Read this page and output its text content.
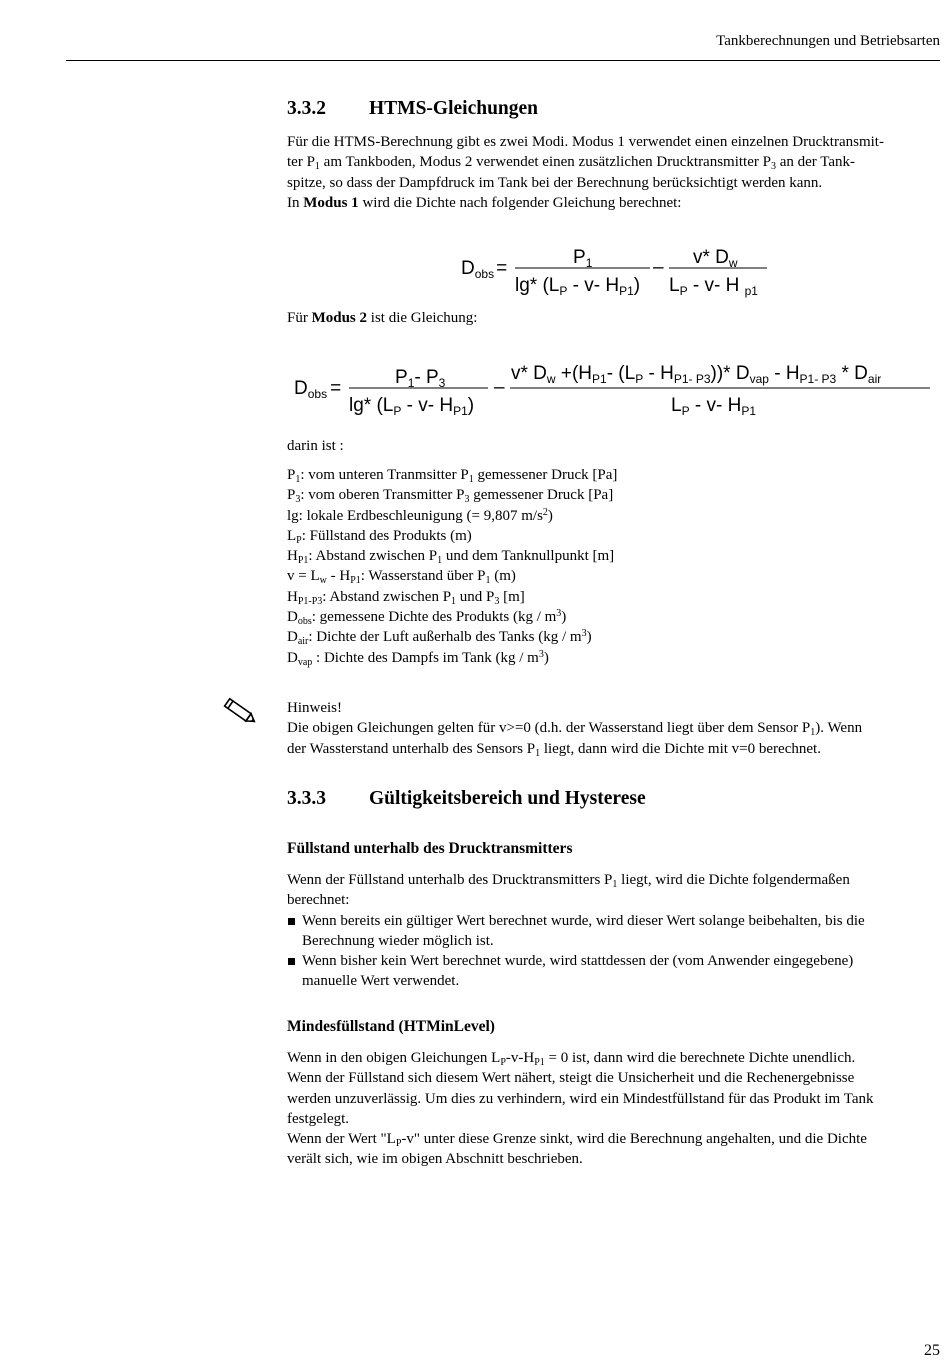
Tankberechnungen und Betriebsarten
3.3.2 HTMS-Gleichungen
Für die HTMS-Berechnung gibt es zwei Modi. Modus 1 verwendet einen einzelnen Drucktransmit-
ter $P_1$ am Tankboden, Modus 2 verwendet einen zusätzlichen Drucktransmitter $P_3$ an der Tank-
spitze, so dass der Dampfdruck im Tank bei der Berechnung berücksichtigt werden kann.
In Modus 1 wird die Dichte nach folgender Gleichung berechnet:
$D_{obs}$ =
$P_1$
lg* ($L_P - v-$ $H_{P1}$)
– v* $D_w$
$L_P - v-$ H $_{p1}$
Für Modus 2 ist die Gleichung:
$D_{obs}$ =
$P_1-$ $P_3$
lg* ($L_P - v-$ $H_{P1}$)
–
v* $D_w +(H_{P1}-$ $(L_P - H_{P1- P3}))*$ $D_{vap} - H_{P1- P3} * D_{air}$
$L_P - v-$ $H_{P1}$
darin ist :
$P_1$: vom unteren Tranmsitter $P_1$ gemessener Druck [Pa]
$P_3$: vom oberen Transmitter $P_3$ gemessener Druck [Pa]
lg: lokale Erdbeschleunigung (= 9,807 $m/s^2$)
$L_P$: Füllstand des Produkts (m)
$H_{P1}$: Abstand zwischen $P_1$ und dem Tanknullpunkt [m]
$v = L_w - H_{P1}$: Wasserstand über $P_1$ (m)
$H_{P1-P3}$: Abstand zwischen $P_1$ und $P_3$ [m]
$D_{obs}$: gemessene Dichte des Produkts $(kg / m^3)$
$D_{air}$: Dichte der Luft außerhalb des Tanks $(kg / m^3)$
$D_{vap}$ : Dichte des Dampfs im Tank $(kg / m^3)$
Hinweis!
Die obigen Gleichungen gelten für v>=0 (d.h. der Wasserstand liegt über dem Sensor $P_1$). Wenn
der Wassterstand unterhalb des Sensors $P_1$ liegt, dann wird die Dichte mit v=0 berechnet.
3.3.3 Gültigkeitsbereich und Hysterese
Füllstand unterhalb des Drucktransmitters
Wenn der Füllstand unterhalb des Drucktransmitters $P_1$ liegt, wird die Dichte folgendermaßen
berechnet:
Wenn bereits ein gültiger Wert berechnet wurde, wird dieser Wert solange beibehalten, bis die
Berechnung wieder möglich ist.
Wenn bisher kein Wert berechnet wurde, wird stattdessen der (vom Anwender eingegebene)
manuelle Wert verwendet.
Mindesfüllstand (HTMinLevel)
Wenn in den obigen Gleichungen $L_P-v-H_{P1} = 0$ ist, dann wird die berechnete Dichte unendlich.
Wenn der Füllstand sich diesem Wert nähert, steigt die Unsicherheit und die Rechenergebnisse
werden unzuverlässig. Um dies zu verhindern, wird ein Mindestfüllstand für das Produkt im Tank
festgelegt.
Wenn der Wert "$L_P-v$" unter diese Grenze sinkt, wird die Berechnung angehalten, und die Dichte
verält sich, wie im obigen Abschnitt beschrieben.
25
